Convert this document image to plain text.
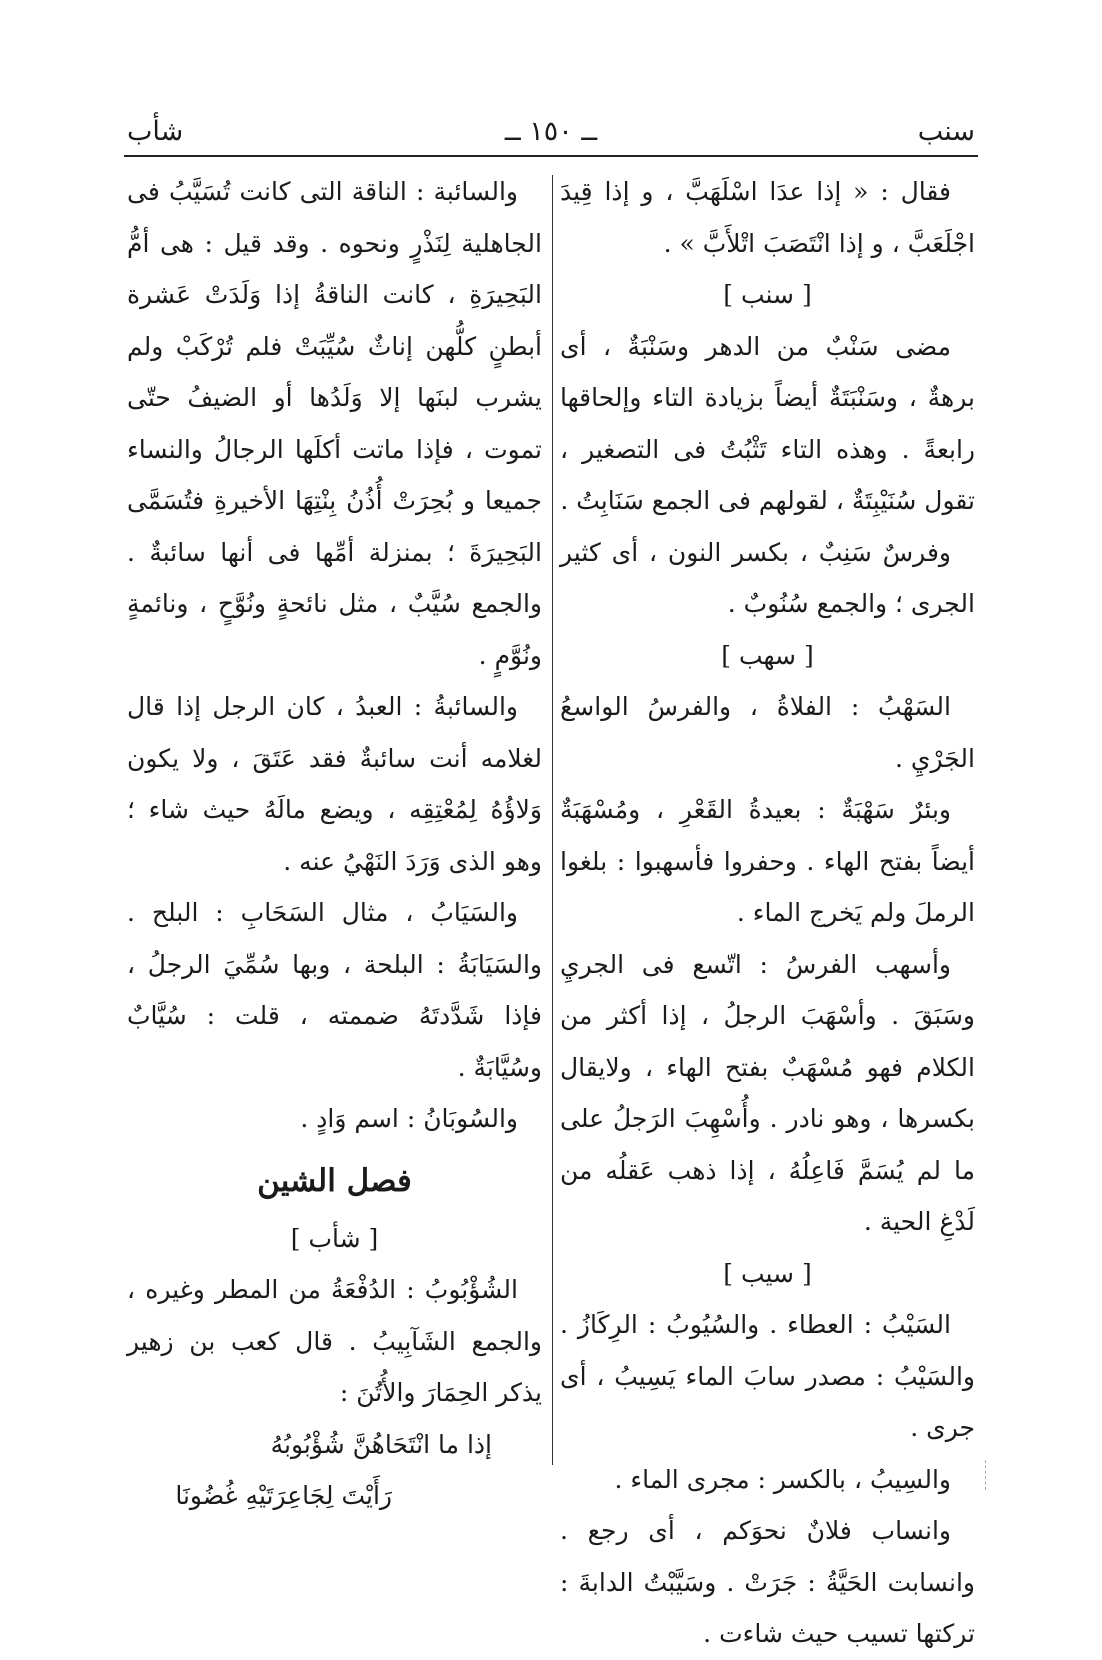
ــ ١٥٠ ــ	سنب
شأب

فقال : « إذا عدَا اسْلَهَبَّ ، و إذا قِيدَ اجْلَعَبَّ ، و إذا انْتَصَبَ اتْلأَبَّ » .

[ سنب ]

مضى سَنْبٌ من الدهر وسَنْبَةٌ ، أى برهةٌ ، وسَنْبَتَةٌ أيضاً بزيادة التاء وإلحاقها رابعةً . وهذه التاء تَثْبُتُ فى التصغير ، تقول سُنَيْبِتَةٌ ، لقولهم فى الجمع سَنَابِتُ .

وفرسٌ سَنِبٌ ، بكسر النون ، أى كثير الجرى ؛ والجمع سُنُوبٌ .

[ سهب ]

السَهْبُ : الفلاةُ ، والفرسُ الواسعُ الجَرْيِ .

وبئرٌ سَهْبَةٌ : بعيدةُ القَعْرِ ، ومُسْهَبَةٌ أيضاً بفتح الهاء . وحفروا فأسهبوا : بلغوا الرملَ ولم يَخرج الماء .

وأسهب الفرسُ : اتّسع فى الجريِ وسَبَقَ . وأسْهَبَ الرجلُ ، إذا أكثر من الكلام فهو مُسْهَبٌ بفتح الهاء ، ولايقال بكسرها ، وهو نادر . وأُسْهِبَ الرَجلُ على ما لم يُسَمَّ فَاعِلُهُ ، إذا ذهب عَقلُه من لَدْغِ الحية .

[ سيب ]

السَيْبُ : العطاء . والسُيُوبُ : الرِكَازُ . والسَيْبُ : مصدر سابَ الماء يَسِيبُ ، أى جرى .

والسِيبُ ، بالكسر : مجرى الماء .

وانساب فلانٌ نحوَكم ، أى رجع . وانسابت الحَيَّةُ : جَرَتْ . وسَيَّبْتُ الدابةَ : تركتها تسيب حيث شاءت .

والسائبة : الناقة التى كانت تُسَيَّبُ فى الجاهلية لِنَذْرٍ ونحوه . وقد قيل : هى أمُّ البَحِيرَةِ ، كانت الناقةُ إذا وَلَدَتْ عَشرة أبطنٍ كلُّهن إناثٌ سُيِّبَتْ فلم تُرْكَبْ ولم يشرب لبنَها إلا وَلَدُها أو الضيفُ حتّى تموت ، فإذا ماتت أكلَها الرجالُ والنساء جميعا و بُحِرَتْ أُذُنُ بِنْتِهَا الأخيرةِ فتُسَمَّى البَحِيرَةَ ؛ بمنزلة أمِّها فى أنها سائبةٌ . والجمع سُيَّبٌ ، مثل نائحةٍ ونُوَّحٍ ، ونائمةٍ ونُوَّمٍ .

والسائبةُ : العبدُ ، كان الرجل إذا قال لغلامه أنت سائبةٌ فقد عَتَقَ ، ولا يكون وَلاؤُهُ لِمُعْتِقِه ، ويضع مالَهُ حيث شاء ؛ وهو الذى وَرَدَ النَهْيُ عنه .

والسَيَابُ ، مثال السَحَابِ : البلح . والسَيَابَةُ : البلحة ، وبها سُمِّيَ الرجلُ ، فإذا شَدَّدتَهُ ضممته ، قلت : سُيَّابٌ وسُيَّابَةٌ .

والسُوبَانُ : اسم وَادٍ .

فصل الشين

[ شأب ]

الشُؤْبُوبُ : الدُفْعَةُ من المطر وغيره ، والجمع الشَآبِيبُ . قال كعب بن زهير يذكر الحِمَارَ والأُتُنَ :

إذا ما انْتَحَاهُنَّ شُؤْبُوبُهُ
رَأَيْتَ لِجَاعِرَتَيْهِ غُضُونَا
